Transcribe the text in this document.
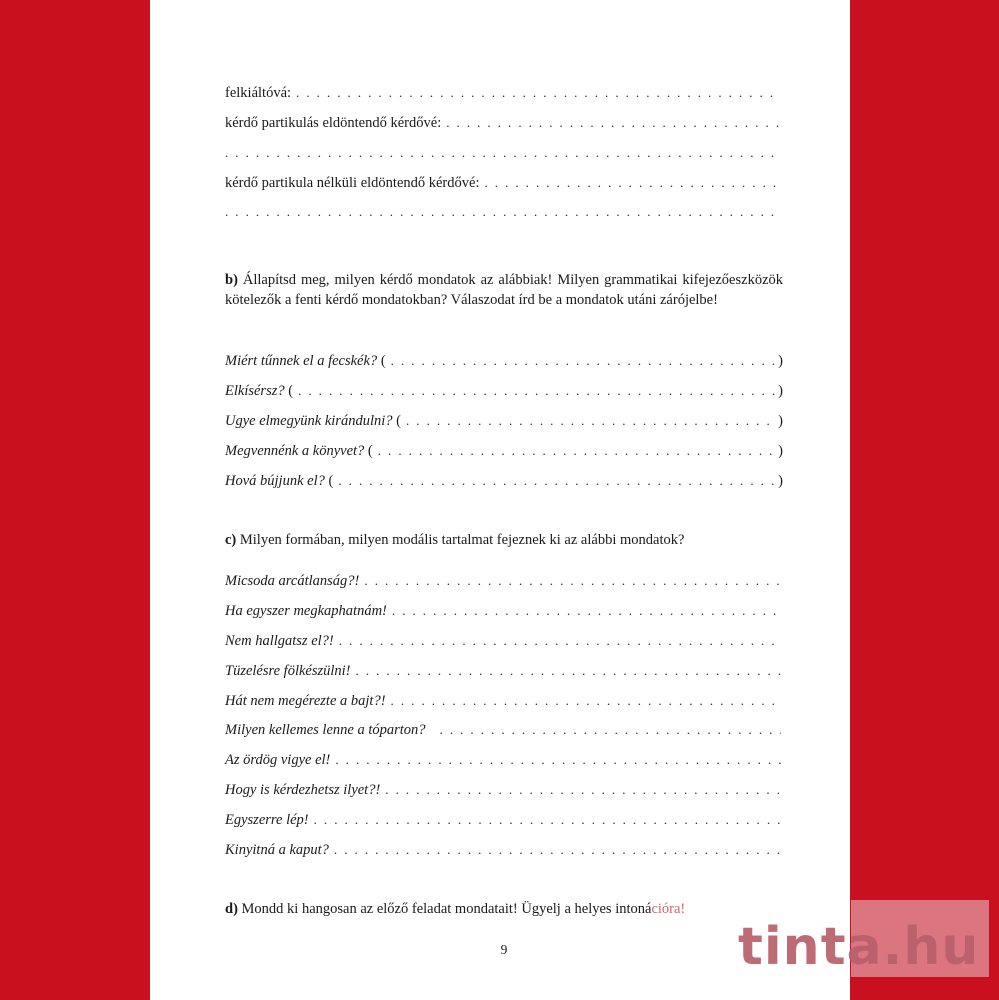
felkiáltóvá:
. . .
kérdő partikulás eldöntendő kérdővé:
. . .
. . .
kérdő partikula nélküli eldöntendő kérdővé:
. . .
. . .
b) Állapítsd meg, milyen kérdő mondatok az alábbiak! Milyen grammatikai kifejezőeszközök kötelezők a fenti kérdő mondatokban? Válaszodat írd be a mondatok utáni zárójelbe!
Miért tűnnek el a fecskék?
( . . .	)
Elkísérsz?
( . . .	)
Ugye elmegyünk kirándulni?
( . . .	)
Megvennénk a könyvet?
( . . .	)
Hová bújjunk el?
( . . .	)
c) Milyen formában, milyen modális tartalmat fejeznek ki az alábbi mondatok?
Micsoda arcátlanság?!
. . .
Ha egyszer megkaphatnám!
. . .
Nem hallgatsz el?!
. . .
Tüzelésre fölkészülni!
. . .
Hát nem megérezte a bajt?!
. . .
Milyen kellemes lenne a tóparton?
. . .
Az ördög vigye el!
. . .
Hogy is kérdezhetsz ilyet?!
. . .
Egyszerre lép!
. . .
Kinyitná a kaput?
. . .
d) Mondd ki hangosan az előző feladat mondatait! Ügyelj a helyes intonációra!
9	tinta.hu
